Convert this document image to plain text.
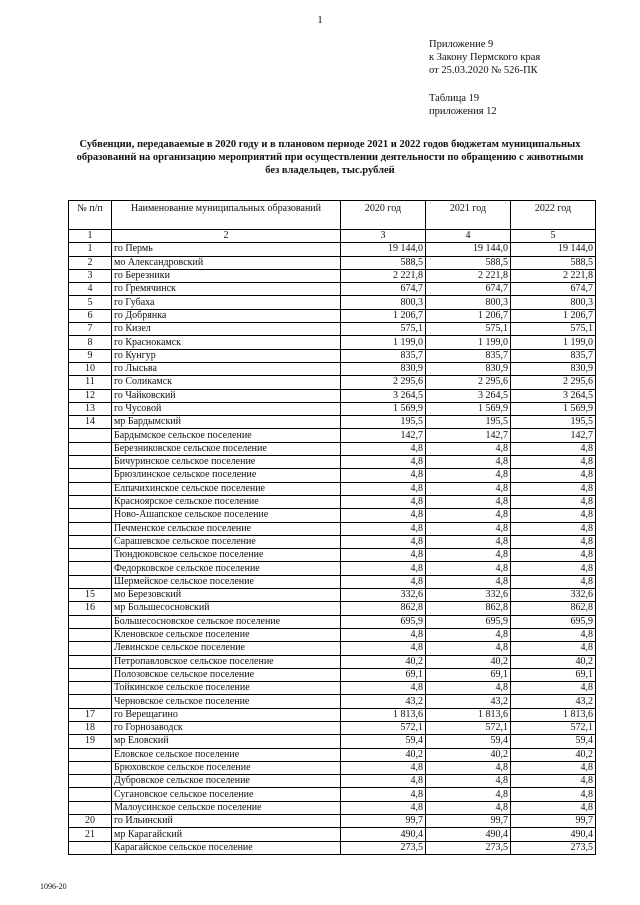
1
Приложение 9
к Закону Пермского края
от 25.03.2020 № 526-ПК
Таблица 19
приложения 12
Субвенции, передаваемые в 2020 году и в плановом периоде 2021 и 2022 годов бюджетам муниципальных
образований на организацию мероприятий при осуществлении деятельности по обращению с животными
без владельцев, тыс.рублей
№ п/п	Наименование муниципальных образований	2020 год	2021 год	2022 год
1	2	3	4	5
1	го Пермь	19 144,0	19 144,0	19 144,0
2	мо Александровский	588,5	588,5	588,5
3	го Березники	2 221,8	2 221,8	2 221,8
4	го Гремячинск	674,7	674,7	674,7
5	го Губаха	800,3	800,3	800,3
6	го Добрянка	1 206,7	1 206,7	1 206,7
7	го Кизел	575,1	575,1	575,1
8	го Краснокамск	1 199,0	1 199,0	1 199,0
9	го Кунгур	835,7	835,7	835,7
10	го Лысьва	830,9	830,9	830,9
11	го Соликамск	2 295,6	2 295,6	2 295,6
12	го Чайковский	3 264,5	3 264,5	3 264,5
13	го Чусовой	1 569,9	1 569,9	1 569,9
14	мр Бардымский	195,5	195,5	195,5
	Бардымское сельское поселение	142,7	142,7	142,7
	Березниковское сельское поселение	4,8	4,8	4,8
	Бичуринское сельское поселение	4,8	4,8	4,8
	Брюзлинское сельское поселение	4,8	4,8	4,8
	Елпачихинское сельское поселение	4,8	4,8	4,8
	Красноярское сельское поселение	4,8	4,8	4,8
	Ново-Ашапское сельское поселение	4,8	4,8	4,8
	Печменское сельское поселение	4,8	4,8	4,8
	Сарашевское сельское поселение	4,8	4,8	4,8
	Тюндюковское сельское поселение	4,8	4,8	4,8
	Федорковское сельское поселение	4,8	4,8	4,8
	Шермейское сельское поселение	4,8	4,8	4,8
15	мо Березовский	332,6	332,6	332,6
16	мр Большесосновский	862,8	862,8	862,8
	Большесосновское сельское поселение	695,9	695,9	695,9
	Кленовское сельское поселение	4,8	4,8	4,8
	Левинское сельское поселение	4,8	4,8	4,8
	Петропавловское сельское поселение	40,2	40,2	40,2
	Полозовское сельское поселение	69,1	69,1	69,1
	Тойкинское сельское поселение	4,8	4,8	4,8
	Черновское сельское поселение	43,2	43,2	43,2
17	го Верещагино	1 813,6	1 813,6	1 813,6
18	го Горнозаводск	572,1	572,1	572,1
19	мр Еловский	59,4	59,4	59,4
	Еловское сельское поселение	40,2	40,2	40,2
	Брюховское сельское поселение	4,8	4,8	4,8
	Дубровское сельское поселение	4,8	4,8	4,8
	Сугановское сельское поселение	4,8	4,8	4,8
	Малоусинское сельское поселение	4,8	4,8	4,8
20	го Ильинский	99,7	99,7	99,7
21	мр Карагайский	490,4	490,4	490,4
	Карагайское сельское поселение	273,5	273,5	273,5
1096-20
